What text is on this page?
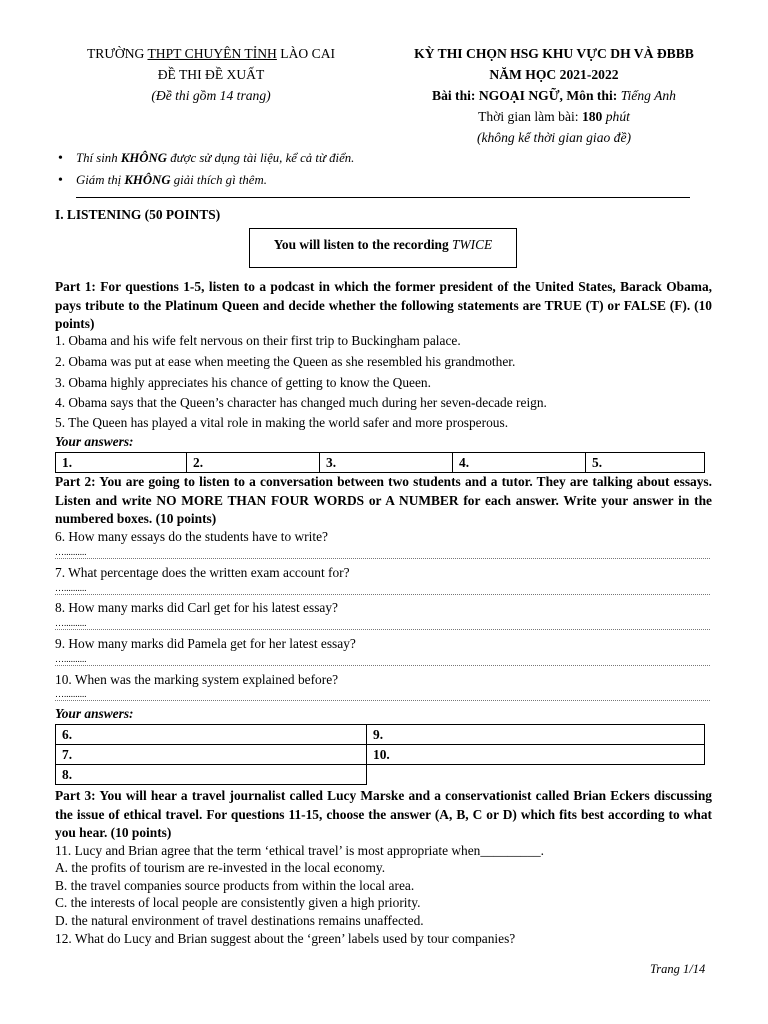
TRƯỜNG THPT CHUYÊN TỈNH LÀO CAI
ĐỀ THI ĐỀ XUẤT
(Đề thi gồm 14 trang)
KỲ THI CHỌN HSG KHU VỰC DH VÀ ĐBBB
NĂM HỌC 2021-2022
Bài thi: NGOẠI NGỮ, Môn thi: Tiếng Anh
Thời gian làm bài: 180 phút
(không kể thời gian giao đề)
• Thí sinh KHÔNG được sử dụng tài liệu, kể cả từ điển.
• Giám thị KHÔNG giải thích gì thêm.
I. LISTENING (50 POINTS)
You will listen to the recording TWICE
Part 1: For questions 1-5, listen to a podcast in which the former president of the United States, Barack Obama, pays tribute to the Platinum Queen and decide whether the following statements are TRUE (T) or FALSE (F). (10 points)
1. Obama and his wife felt nervous on their first trip to Buckingham palace.
2. Obama was put at ease when meeting the Queen as she resembled his grandmother.
3. Obama highly appreciates his chance of getting to know the Queen.
4. Obama says that the Queen’s character has changed much during her seven-decade reign.
5. The Queen has played a vital role in making the world safer and more prosperous.
Your answers:
1.	2.	3.	4.	5.
Part 2: You are going to listen to a conversation between two students and a tutor. They are talking about essays. Listen and write NO MORE THAN FOUR WORDS or A NUMBER for each answer. Write your answer in the numbered boxes. (10 points)
6. How many essays do the students have to write?
…..........
7. What percentage does the written exam account for?
…..........
8. How many marks did Carl get for his latest essay?
…..........
9. How many marks did Pamela get for her latest essay?
…..........
10. When was the marking system explained before?
…..........
Your answers:
6.	9.
7.	10.
8.	
Part 3: You will hear a travel journalist called Lucy Marske and a conservationist called Brian Eckers discussing the issue of ethical travel. For questions 11-15, choose the answer (A, B, C or D) which fits best according to what you hear. (10 points)
11. Lucy and Brian agree that the term ‘ethical travel’ is most appropriate when_________.
A. the profits of tourism are re-invested in the local economy.
B. the travel companies source products from within the local area.
C. the interests of local people are consistently given a high priority.
D. the natural environment of travel destinations remains unaffected.
12. What do Lucy and Brian suggest about the ‘green’ labels used by tour companies?
Trang 1/14
